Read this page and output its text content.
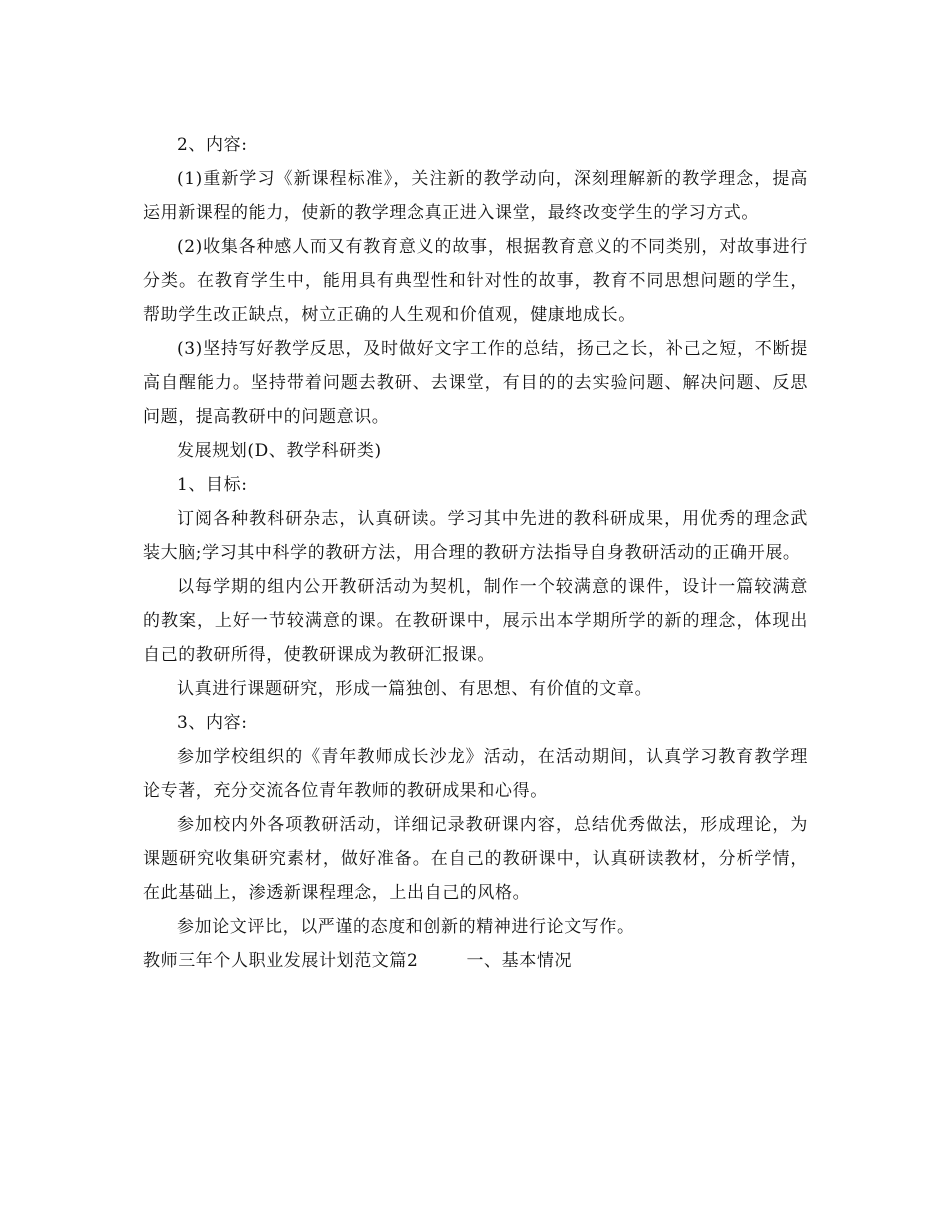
2、内容:

(1)重新学习《新课程标准》，关注新的教学动向，深刻理解新的教学理念，提高运用新课程的能力，使新的教学理念真正进入课堂，最终改变学生的学习方式。

(2)收集各种感人而又有教育意义的故事，根据教育意义的不同类别，对故事进行分类。在教育学生中，能用具有典型性和针对性的故事，教育不同思想问题的学生，帮助学生改正缺点，树立正确的人生观和价值观，健康地成长。

(3)坚持写好教学反思，及时做好文字工作的总结，扬己之长，补己之短，不断提高自醒能力。坚持带着问题去教研、去课堂，有目的的去实验问题、解决问题、反思问题，提高教研中的问题意识。

发展规划(D、教学科研类)

1、目标:

订阅各种教科研杂志，认真研读。学习其中先进的教科研成果，用优秀的理念武装大脑;学习其中科学的教研方法，用合理的教研方法指导自身教研活动的正确开展。

以每学期的组内公开教研活动为契机，制作一个较满意的课件，设计一篇较满意的教案，上好一节较满意的课。在教研课中，展示出本学期所学的新的理念，体现出自己的教研所得，使教研课成为教研汇报课。

认真进行课题研究，形成一篇独创、有思想、有价值的文章。

3、内容:

参加学校组织的《青年教师成长沙龙》活动，在活动期间，认真学习教育教学理论专著，充分交流各位青年教师的教研成果和心得。

参加校内外各项教研活动，详细记录教研课内容，总结优秀做法，形成理论，为课题研究收集研究素材，做好准备。在自己的教研课中，认真研读教材，分析学情，在此基础上，渗透新课程理念，上出自己的风格。

参加论文评比，以严谨的态度和创新的精神进行论文写作。

教师三年个人职业发展计划范文篇2	一、基本情况
